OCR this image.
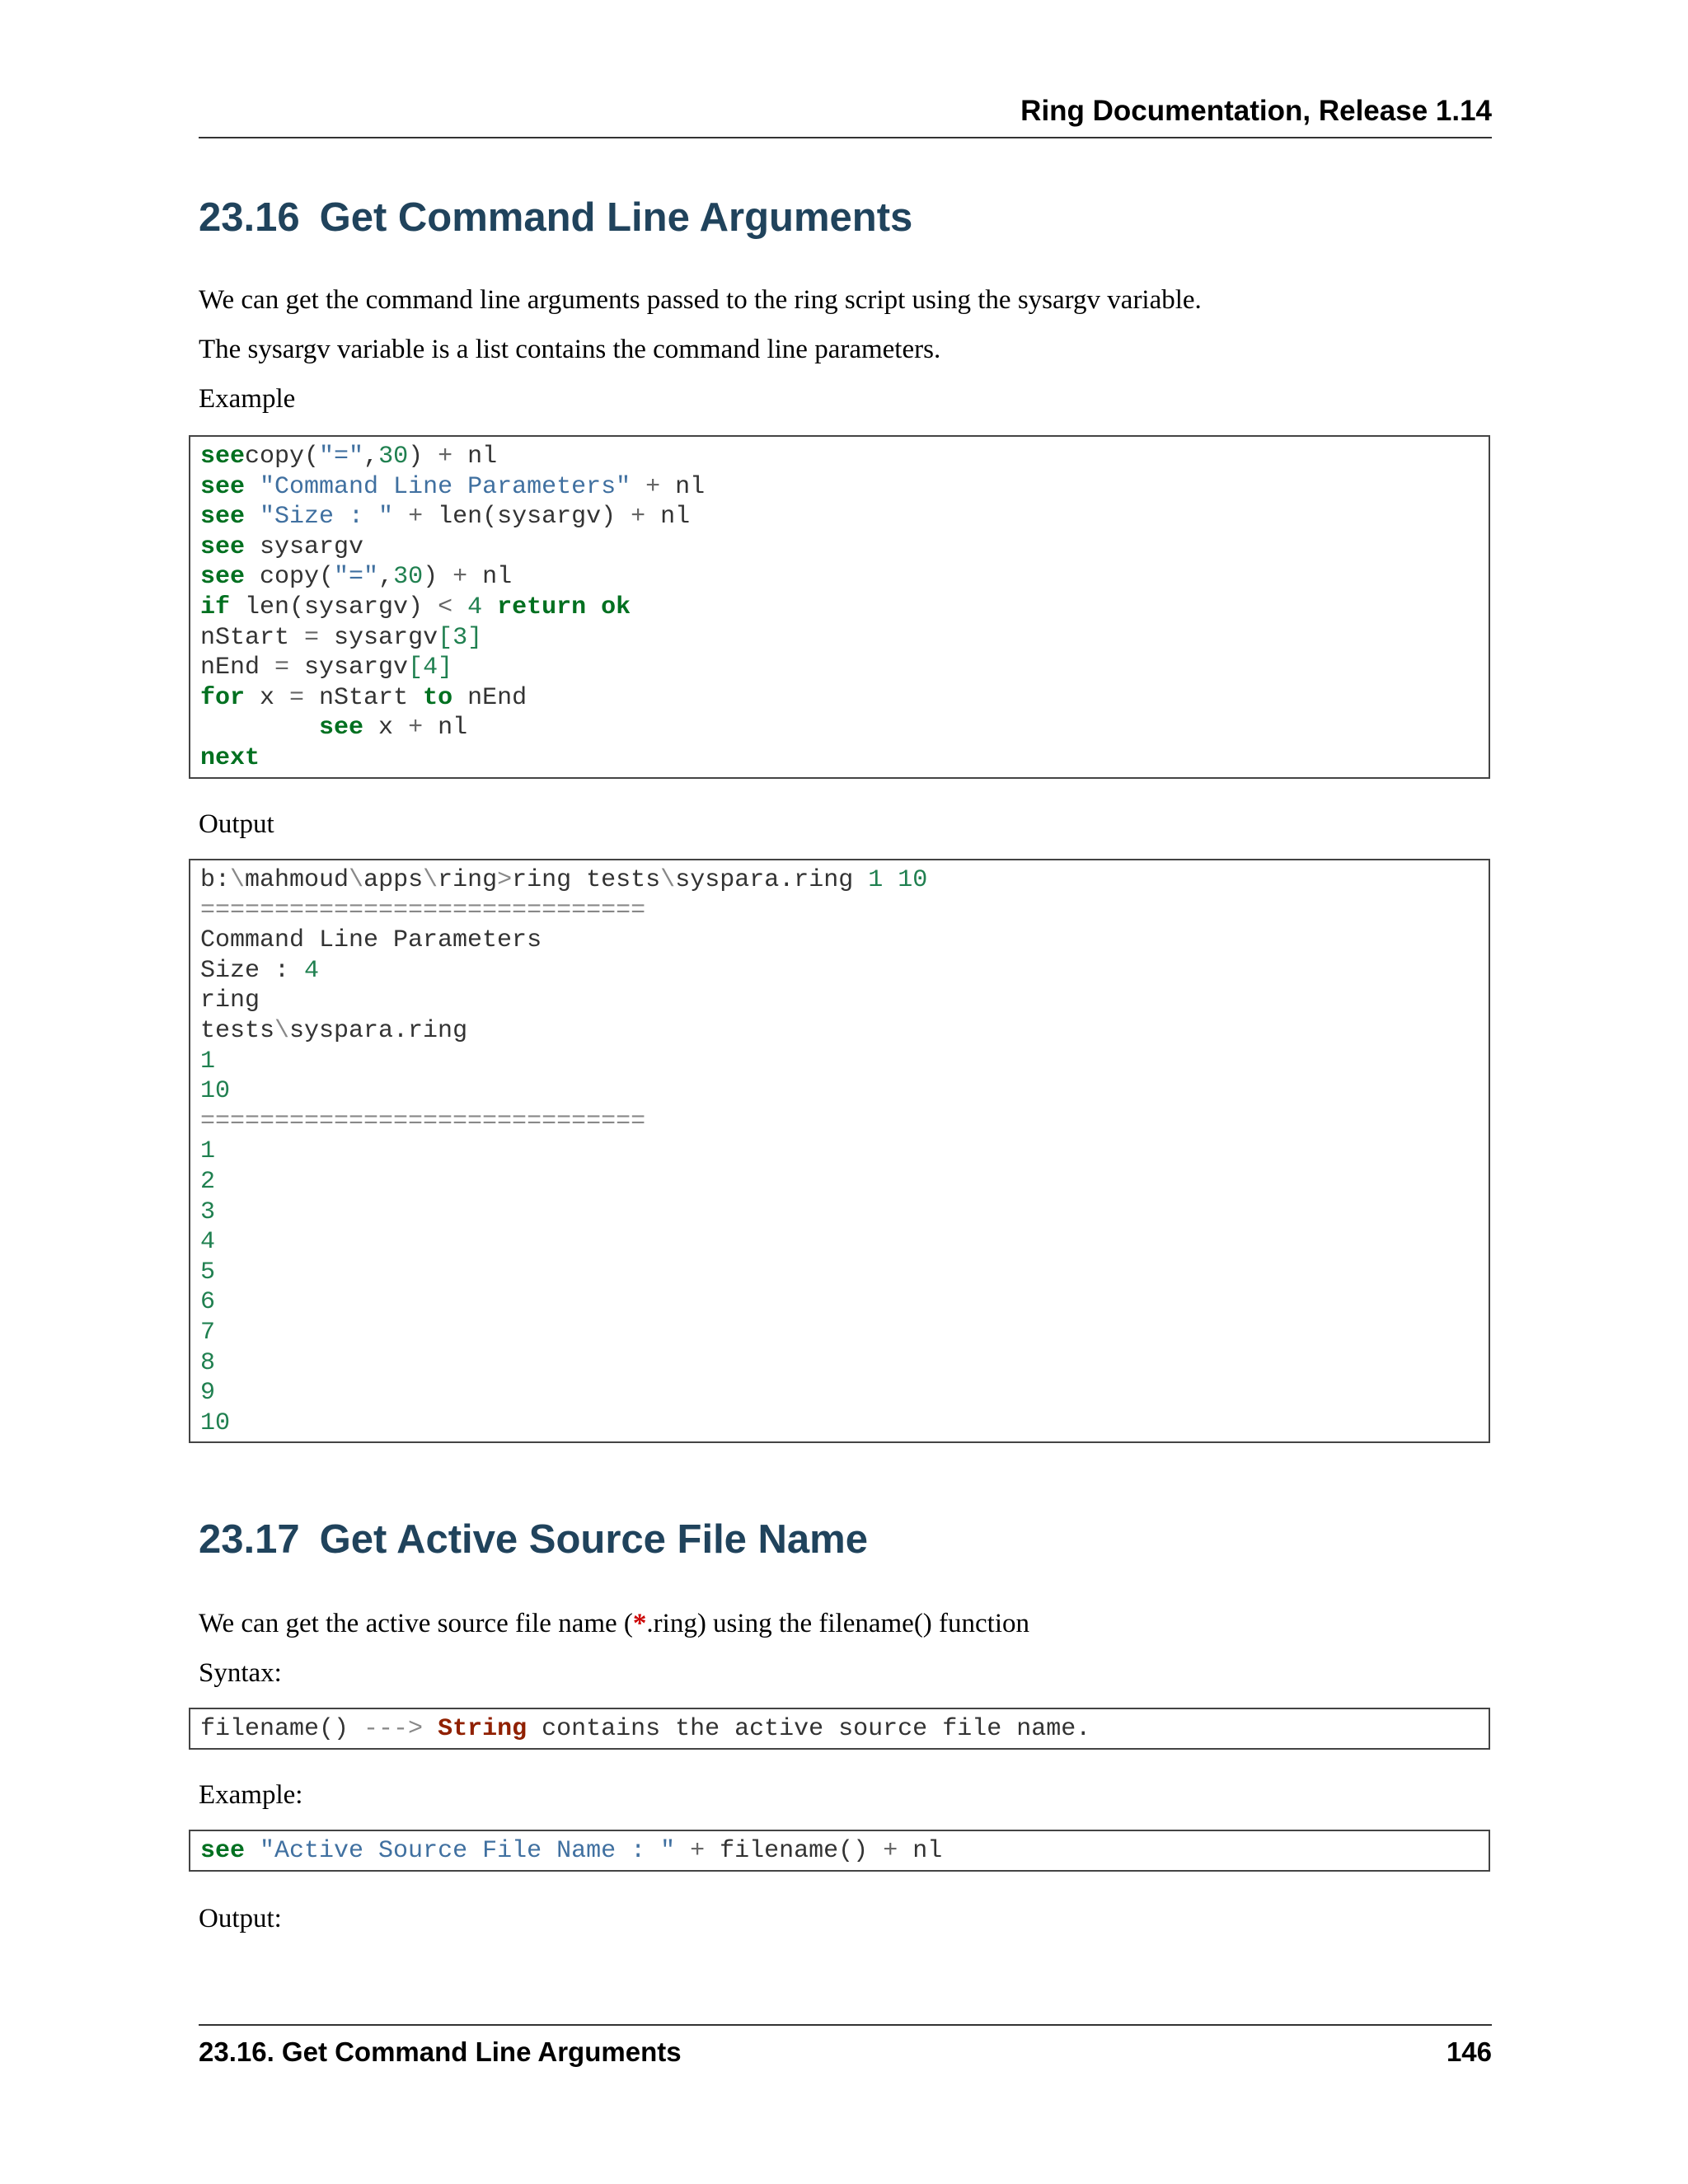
Ring Documentation, Release 1.14
23.16 Get Command Line Arguments

We can get the command line arguments passed to the ring script using the sysargv variable.

The sysargv variable is a list contains the command line parameters.

Example

seecopy("=",30) + nl
see "Command Line Parameters" + nl
see "Size : " + len(sysargv) + nl
see sysargv
see copy("=",30) + nl
if len(sysargv) < 4 return ok
nStart = sysargv[3]
nEnd = sysargv[4]
for x = nStart to nEnd
see x + nl
next

Output

b:\mahmoud\apps\ring>ring tests\syspara.ring 1 10
==============================
Command Line Parameters
Size : 4
ring
tests\syspara.ring
1
10
==============================
1
2
3
4
5
6
7
8
9
10
23.17 Get Active Source File Name

We can get the active source file name (*.ring) using the filename() function

Syntax:

filename() ---> String contains the active source file name.

Example:

see "Active Source File Name : " + filename() + nl

Output:

23.16. Get Command Line Arguments	146
